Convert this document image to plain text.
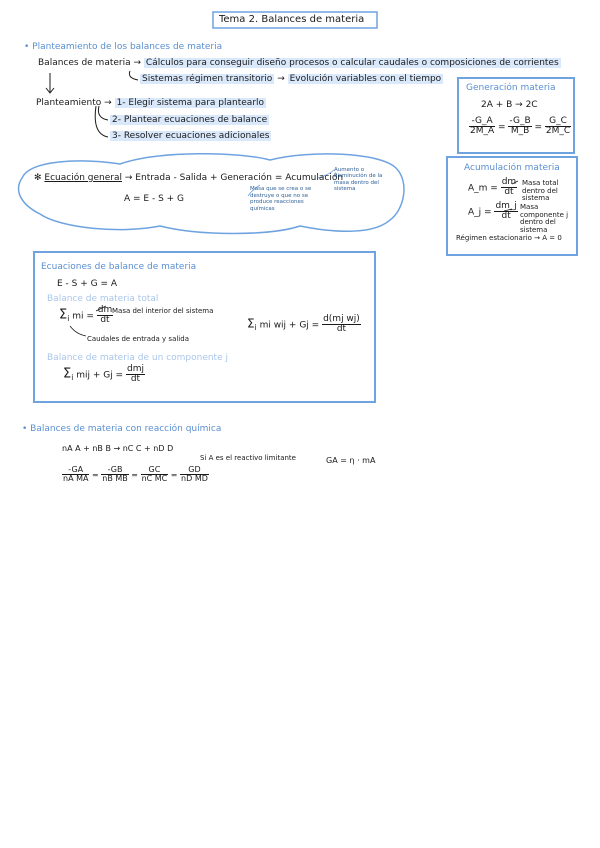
Tema 2. Balances de materia
• Planteamiento de los balances de materia
Balances de materia → Cálculos para conseguir diseño procesos o calcular caudales o composiciones de corrientes
Sistemas régimen transitorio → Evolución variables con el tiempo
Planteamiento → 1- Elegir sistema para plantearlo
2- Plantear ecuaciones de balance
3- Resolver ecuaciones adicionales
Generación materia
2A + B → 2C
$\frac{-G\_A}{2M\_A} = \frac{-G\_B}{M\_B} = \frac{G\_C}{2M\_C}$
Acumulación materia
A_m = $\frac{dm}{dt}$ Masa total dentro del sistema
A_j = $\frac{dm\_j}{dt}$ Masa componente j dentro del sistema
Régimen estacionario → A = 0
✻ Ecuación general → Entrada - Salida + Generación = Acumulación
A = E - S + G
Aumento o disminución de la masa dentro del sistema
Masa que se crea o se destruye o que no se produce reacciones químicas
Ecuaciones de balance de materia
E - S + G = A
Balance de materia total
$\Sigma_i$ mi = $\frac{dm}{dt}$
Masa del interior del sistema
Caudales de entrada y salida
$\Sigma_i$ mi wij + $Gj = \frac{\text{d(mj wj)}}{dt}$
Balance de materia de un componente j
$\Sigma_i$ mij + $Gj = \frac{\text{dmj}}{dt}$
• Balances de materia con reacción química
nA A + nB B → nC C + nD D
$\frac{-GA}{\text{nA MA}} = \frac{-GB}{\text{nB MB}} = \frac{GC}{\text{nC MC}} = \frac{GD}{\text{nD MD}}$
Si A es el reactivo limitante	GA = η · mA
